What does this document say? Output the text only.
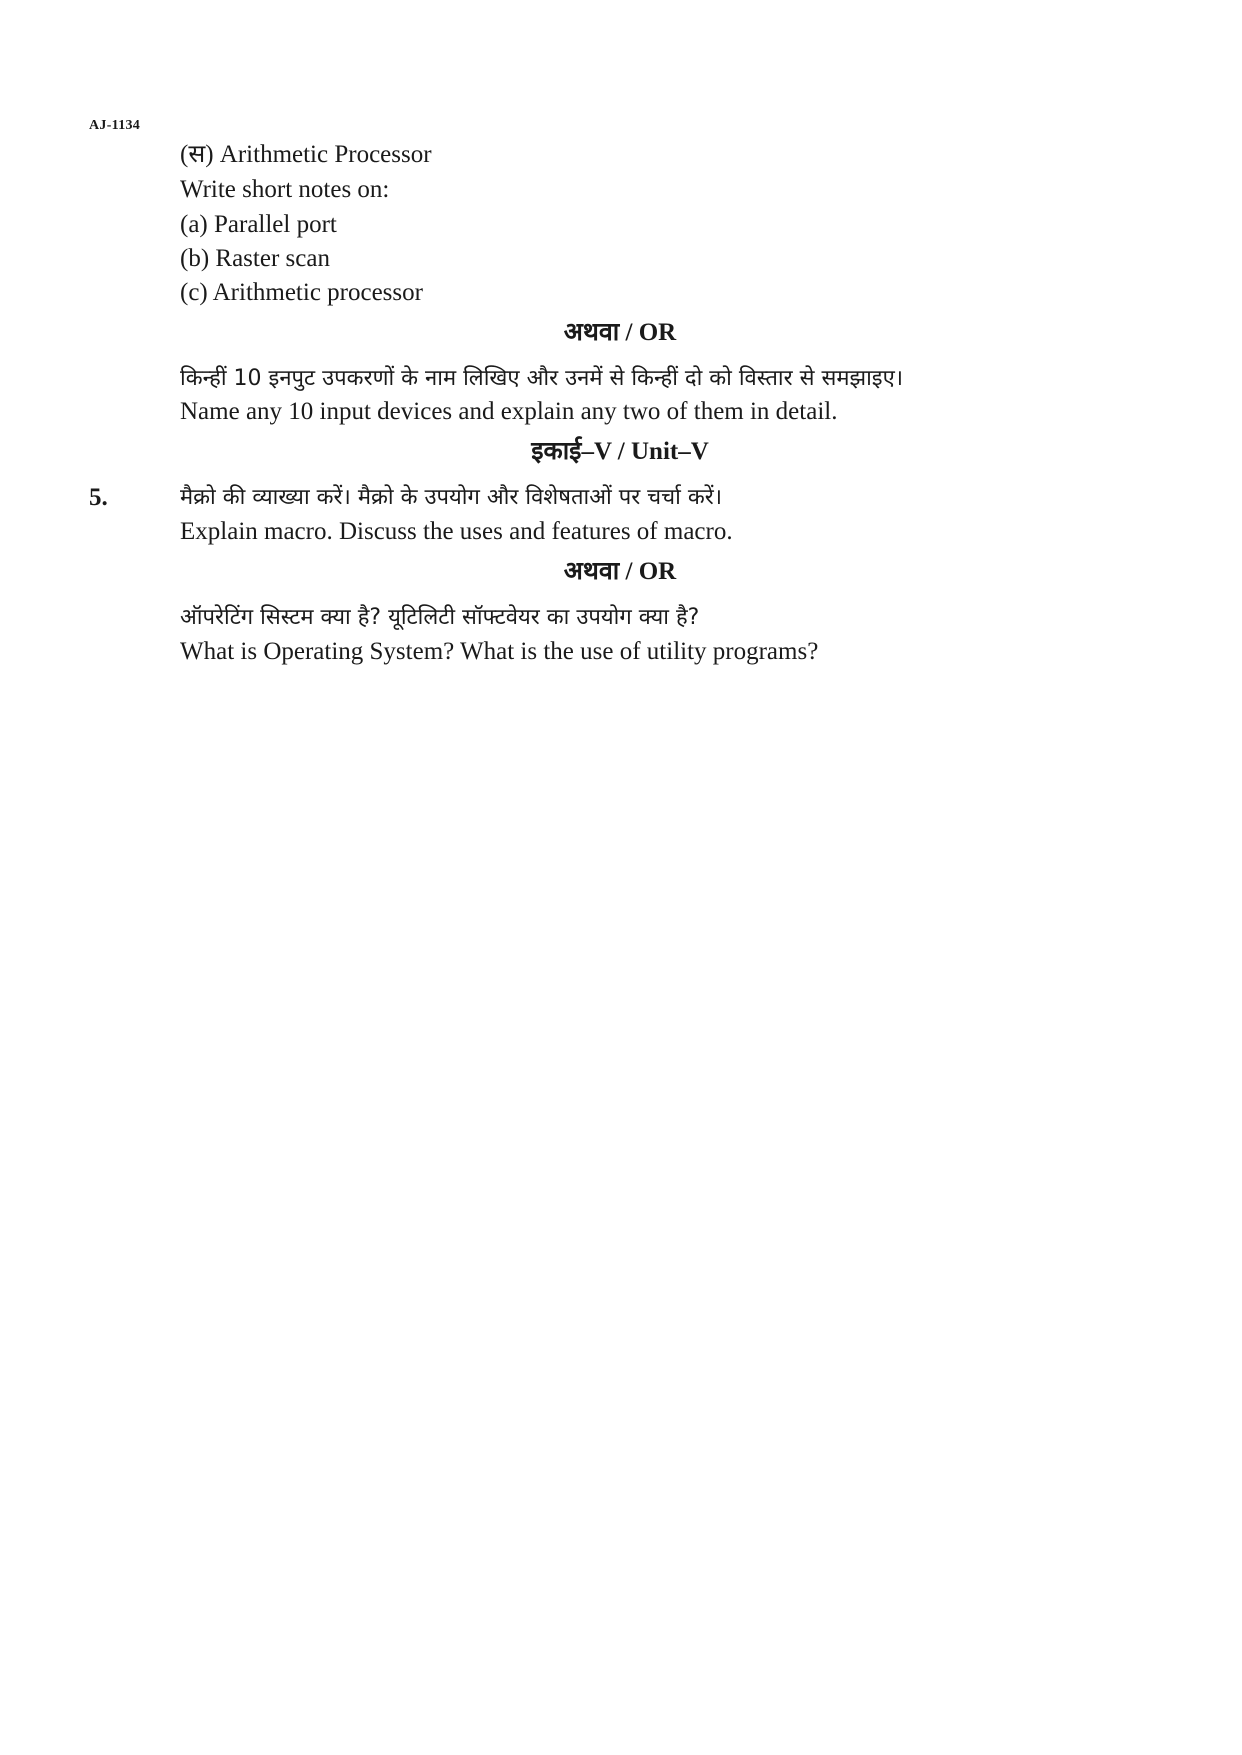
AJ-1134
(स) Arithmetic Processor
Write short notes on:
(a) Parallel port
(b) Raster scan
(c) Arithmetic processor
अथवा / OR
किन्हीं 10 इनपुट उपकरणों के नाम लिखिए और उनमें से किन्हीं दो को विस्तार से समझाइए।
Name any 10 input devices and explain any two of them in detail.
इकाई–V / Unit–V
5.	मैक्रो की व्याख्या करें। मैक्रो के उपयोग और विशेषताओं पर चर्चा करें।
Explain macro. Discuss the uses and features of macro.
अथवा / OR
ऑपरेटिंग सिस्टम क्या है? यूटिलिटी सॉफ्टवेयर का उपयोग क्या है?
What is Operating System? What is the use of utility programs?
